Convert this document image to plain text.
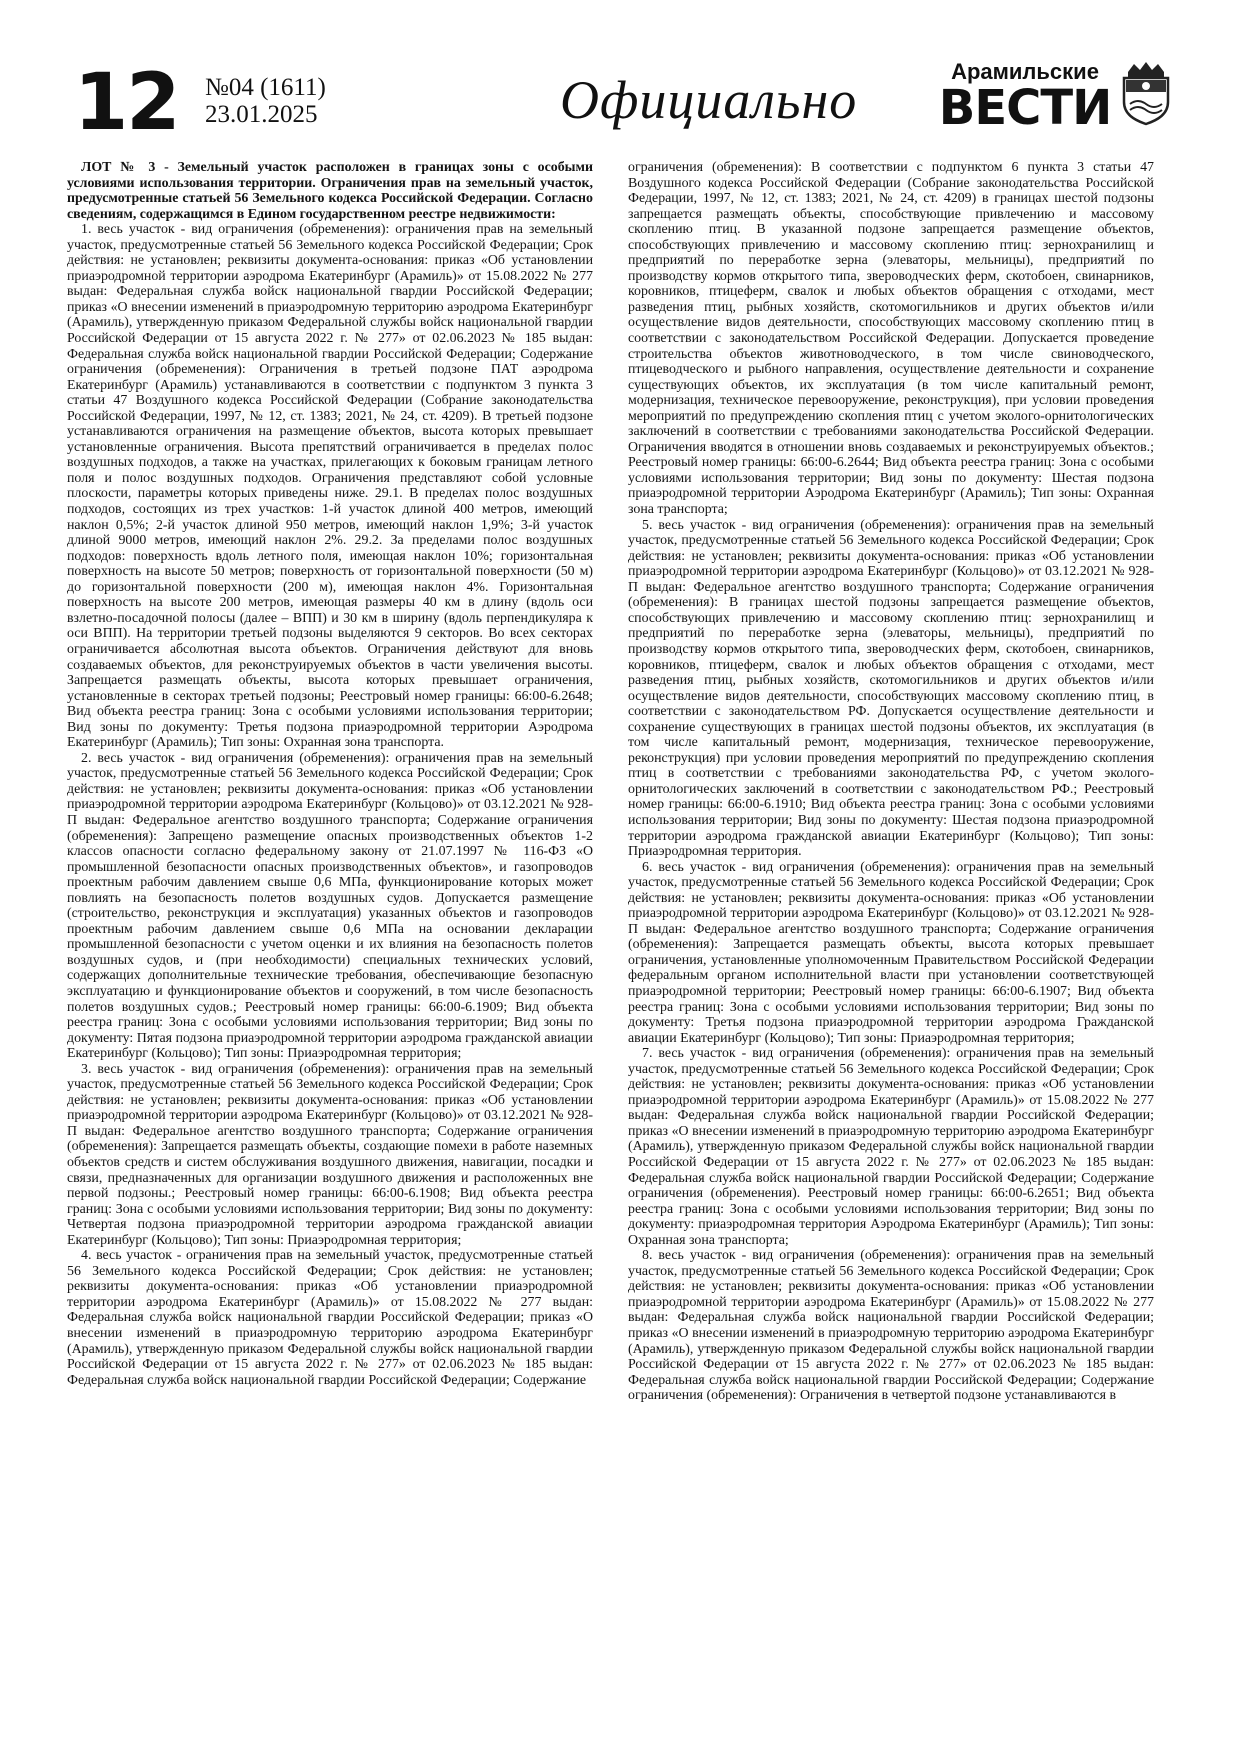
12 №04 (1611)
23.01.2025	Официально	Арамильские
ВЕСТИ

ЛОТ № 3 - Земельный участок расположен в границах зоны с особыми условиями использования территории. Ограничения прав на земельный участок, предусмотренные статьей 56 Земельного кодекса Российской Федерации. Согласно сведениям, содержащимся в Едином государственном реестре недвижимости:

1. весь участок - вид ограничения (обременения): ограничения прав на земельный участок, предусмотренные статьей 56 Земельного кодекса Российской Федерации; Срок действия: не установлен; реквизиты документа-основания: приказ «Об установлении приаэродромной территории аэродрома Екатеринбург (Арамиль)» от 15.08.2022 № 277 выдан: Федеральная служба войск национальной гвардии Российской Федерации; приказ «О внесении изменений в приаэродромную территорию аэродрома Екатеринбург (Арамиль), утвержденную приказом Федеральной службы войск национальной гвардии Российской Федерации от 15 августа 2022 г. № 277» от 02.06.2023 № 185 выдан: Федеральная служба войск национальной гвардии Российской Федерации; Содержание ограничения (обременения): Ограничения в третьей подзоне ПАТ аэродрома Екатеринбург (Арамиль) устанавливаются в соответствии с подпунктом 3 пункта 3 статьи 47 Воздушного кодекса Российской Федерации (Собрание законодательства Российской Федерации, 1997, № 12, ст. 1383; 2021, № 24, ст. 4209). В третьей подзоне устанавливаются ограничения на размещение объектов, высота которых превышает установленные ограничения. Высота препятствий ограничивается в пределах полос воздушных подходов, а также на участках, прилегающих к боковым границам летного поля и полос воздушных подходов. Ограничения представляют собой условные плоскости, параметры которых приведены ниже. 29.1. В пределах полос воздушных подходов, состоящих из трех участков: 1-й участок длиной 400 метров, имеющий наклон 0,5%; 2-й участок длиной 950 метров, имеющий наклон 1,9%; 3-й участок длиной 9000 метров, имеющий наклон 2%. 29.2. За пределами полос воздушных подходов: поверхность вдоль летного поля, имеющая наклон 10%; горизонтальная поверхность на высоте 50 метров; поверхность от горизонтальной поверхности (50 м) до горизонтальной поверхности (200 м), имеющая наклон 4%. Горизонтальная поверхность на высоте 200 метров, имеющая размеры 40 км в длину (вдоль оси взлетно-посадочной полосы (далее – ВПП) и 30 км в ширину (вдоль перпендикуляра к оси ВПП). На территории третьей подзоны выделяются 9 секторов. Во всех секторах ограничивается абсолютная высота объектов. Ограничения действуют для вновь создаваемых объектов, для реконструируемых объектов в части увеличения высоты. Запрещается размещать объекты, высота которых превышает ограничения, установленные в секторах третьей подзоны; Реестровый номер границы: 66:00-6.2648; Вид объекта реестра границ: Зона с особыми условиями использования территории; Вид зоны по документу: Третья подзона приаэродромной территории Аэродрома Екатеринбург (Арамиль); Тип зоны: Охранная зона транспорта.

2. весь участок - вид ограничения (обременения): ограничения прав на земельный участок, предусмотренные статьей 56 Земельного кодекса Российской Федерации; Срок действия: не установлен; реквизиты документа-основания: приказ «Об установлении приаэродромной территории аэродрома Екатеринбург (Кольцово)» от 03.12.2021 № 928-П выдан: Федеральное агентство воздушного транспорта; Содержание ограничения (обременения): Запрещено размещение опасных производственных объектов 1-2 классов опасности согласно федеральному закону от 21.07.1997 № 116-ФЗ «О промышленной безопасности опасных производственных объектов», и газопроводов проектным рабочим давлением свыше 0,6 МПа, функционирование которых может повлиять на безопасность полетов воздушных судов. Допускается размещение (строительство, реконструкция и эксплуатация) указанных объектов и газопроводов проектным рабочим давлением свыше 0,6 МПа на основании декларации промышленной безопасности с учетом оценки и их влияния на безопасность полетов воздушных судов, и (при необходимости) специальных технических условий, содержащих дополнительные технические требования, обеспечивающие безопасную эксплуатацию и функционирование объектов и сооружений, в том числе безопасность полетов воздушных судов.; Реестровый номер границы: 66:00-6.1909; Вид объекта реестра границ: Зона с особыми условиями использования территории; Вид зоны по документу: Пятая подзона приаэродромной территории аэродрома гражданской авиации Екатеринбург (Кольцово); Тип зоны: Приаэродромная территория;

3. весь участок - вид ограничения (обременения): ограничения прав на земельный участок, предусмотренные статьей 56 Земельного кодекса Российской Федерации; Срок действия: не установлен; реквизиты документа-основания: приказ «Об установлении приаэродромной территории аэродрома Екатеринбург (Кольцово)» от 03.12.2021 № 928-П выдан: Федеральное агентство воздушного транспорта; Содержание ограничения (обременения): Запрещается размещать объекты, создающие помехи в работе наземных объектов средств и систем обслуживания воздушного движения, навигации, посадки и связи, предназначенных для организации воздушного движения и расположенных вне первой подзоны.; Реестровый номер границы: 66:00-6.1908; Вид объекта реестра границ: Зона с особыми условиями использования территории; Вид зоны по документу: Четвертая подзона приаэродромной территории аэродрома гражданской авиации Екатеринбург (Кольцово); Тип зоны: Приаэродромная территория;

4. весь участок - ограничения прав на земельный участок, предусмотренные статьей 56 Земельного кодекса Российской Федерации; Срок действия: не установлен; реквизиты документа-основания: приказ «Об установлении приаэродромной территории аэродрома Екатеринбург (Арамиль)» от 15.08.2022 № 277 выдан: Федеральная служба войск национальной гвардии Российской Федерации; приказ «О внесении изменений в приаэродромную территорию аэродрома Екатеринбург (Арамиль), утвержденную приказом Федеральной службы войск национальной гвардии Российской Федерации от 15 августа 2022 г. № 277» от 02.06.2023 № 185 выдан: Федеральная служба войск национальной гвардии Российской Федерации; Содержание

ограничения (обременения): В соответствии с подпунктом 6 пункта 3 статьи 47 Воздушного кодекса Российской Федерации (Собрание законодательства Российской Федерации, 1997, № 12, ст. 1383; 2021, № 24, ст. 4209) в границах шестой подзоны запрещается размещать объекты, способствующие привлечению и массовому скоплению птиц. В указанной подзоне запрещается размещение объектов, способствующих привлечению и массовому скоплению птиц: зернохранилищ и предприятий по переработке зерна (элеваторы, мельницы), предприятий по производству кормов открытого типа, звероводческих ферм, скотобоен, свинарников, коровников, птицеферм, свалок и любых объектов обращения с отходами, мест разведения птиц, рыбных хозяйств, скотомогильников и других объектов и/или осуществление видов деятельности, способствующих массовому скоплению птиц в соответствии с законодательством Российской Федерации. Допускается проведение строительства объектов животноводческого, в том числе свиноводческого, птицеводческого и рыбного направления, осуществление деятельности и сохранение существующих объектов, их эксплуатация (в том числе капитальный ремонт, модернизация, техническое перевооружение, реконструкция), при условии проведения мероприятий по предупреждению скопления птиц с учетом эколого-орнитологических заключений в соответствии с требованиями законодательства Российской Федерации. Ограничения вводятся в отношении вновь создаваемых и реконструируемых объектов.; Реестровый номер границы: 66:00-6.2644; Вид объекта реестра границ: Зона с особыми условиями использования территории; Вид зоны по документу: Шестая подзона приаэродромной территории Аэродрома Екатеринбург (Арамиль); Тип зоны: Охранная зона транспорта;

5. весь участок - вид ограничения (обременения): ограничения прав на земельный участок, предусмотренные статьей 56 Земельного кодекса Российской Федерации; Срок действия: не установлен; реквизиты документа-основания: приказ «Об установлении приаэродромной территории аэродрома Екатеринбург (Кольцово)» от 03.12.2021 № 928-П выдан: Федеральное агентство воздушного транспорта; Содержание ограничения (обременения): В границах шестой подзоны запрещается размещение объектов, способствующих привлечению и массовому скоплению птиц: зернохранилищ и предприятий по переработке зерна (элеваторы, мельницы), предприятий по производству кормов открытого типа, звероводческих ферм, скотобоен, свинарников, коровников, птицеферм, свалок и любых объектов обращения с отходами, мест разведения птиц, рыбных хозяйств, скотомогильников и других объектов и/или осуществление видов деятельности, способствующих массовому скоплению птиц, в соответствии с законодательством РФ. Допускается осуществление деятельности и сохранение существующих в границах шестой подзоны объектов, их эксплуатация (в том числе капитальный ремонт, модернизация, техническое перевооружение, реконструкция) при условии проведения мероприятий по предупреждению скопления птиц в соответствии с требованиями законодательства РФ, с учетом эколого-орнитологических заключений в соответствии с законодательством РФ.; Реестровый номер границы: 66:00-6.1910; Вид объекта реестра границ: Зона с особыми условиями использования территории; Вид зоны по документу: Шестая подзона приаэродромной территории аэродрома гражданской авиации Екатеринбург (Кольцово); Тип зоны: Приаэродромная территория.

6. весь участок - вид ограничения (обременения): ограничения прав на земельный участок, предусмотренные статьей 56 Земельного кодекса Российской Федерации; Срок действия: не установлен; реквизиты документа-основания: приказ «Об установлении приаэродромной территории аэродрома Екатеринбург (Кольцово)» от 03.12.2021 № 928-П выдан: Федеральное агентство воздушного транспорта; Содержание ограничения (обременения): Запрещается размещать объекты, высота которых превышает ограничения, установленные уполномоченным Правительством Российской Федерации федеральным органом исполнительной власти при установлении соответствующей приаэродромной территории; Реестровый номер границы: 66:00-6.1907; Вид объекта реестра границ: Зона с особыми условиями использования территории; Вид зоны по документу: Третья подзона приаэродромной территории аэродрома Гражданской авиации Екатеринбург (Кольцово); Тип зоны: Приаэродромная территория;

7. весь участок - вид ограничения (обременения): ограничения прав на земельный участок, предусмотренные статьей 56 Земельного кодекса Российской Федерации; Срок действия: не установлен; реквизиты документа-основания: приказ «Об установлении приаэродромной территории аэродрома Екатеринбург (Арамиль)» от 15.08.2022 № 277 выдан: Федеральная служба войск национальной гвардии Российской Федерации; приказ «О внесении изменений в приаэродромную территорию аэродрома Екатеринбург (Арамиль), утвержденную приказом Федеральной службы войск национальной гвардии Российской Федерации от 15 августа 2022 г. № 277» от 02.06.2023 № 185 выдан: Федеральная служба войск национальной гвардии Российской Федерации; Содержание ограничения (обременения). Реестровый номер границы: 66:00-6.2651; Вид объекта реестра границ: Зона с особыми условиями использования территории; Вид зоны по документу: приаэродромная территория Аэродрома Екатеринбург (Арамиль); Тип зоны: Охранная зона транспорта;

8. весь участок - вид ограничения (обременения): ограничения прав на земельный участок, предусмотренные статьей 56 Земельного кодекса Российской Федерации; Срок действия: не установлен; реквизиты документа-основания: приказ «Об установлении приаэродромной территории аэродрома Екатеринбург (Арамиль)» от 15.08.2022 № 277 выдан: Федеральная служба войск национальной гвардии Российской Федерации; приказ «О внесении изменений в приаэродромную территорию аэродрома Екатеринбург (Арамиль), утвержденную приказом Федеральной службы войск национальной гвардии Российской Федерации от 15 августа 2022 г. № 277» от 02.06.2023 № 185 выдан: Федеральная служба войск национальной гвардии Российской Федерации; Содержание ограничения (обременения): Ограничения в четвертой подзоне устанавливаются в
